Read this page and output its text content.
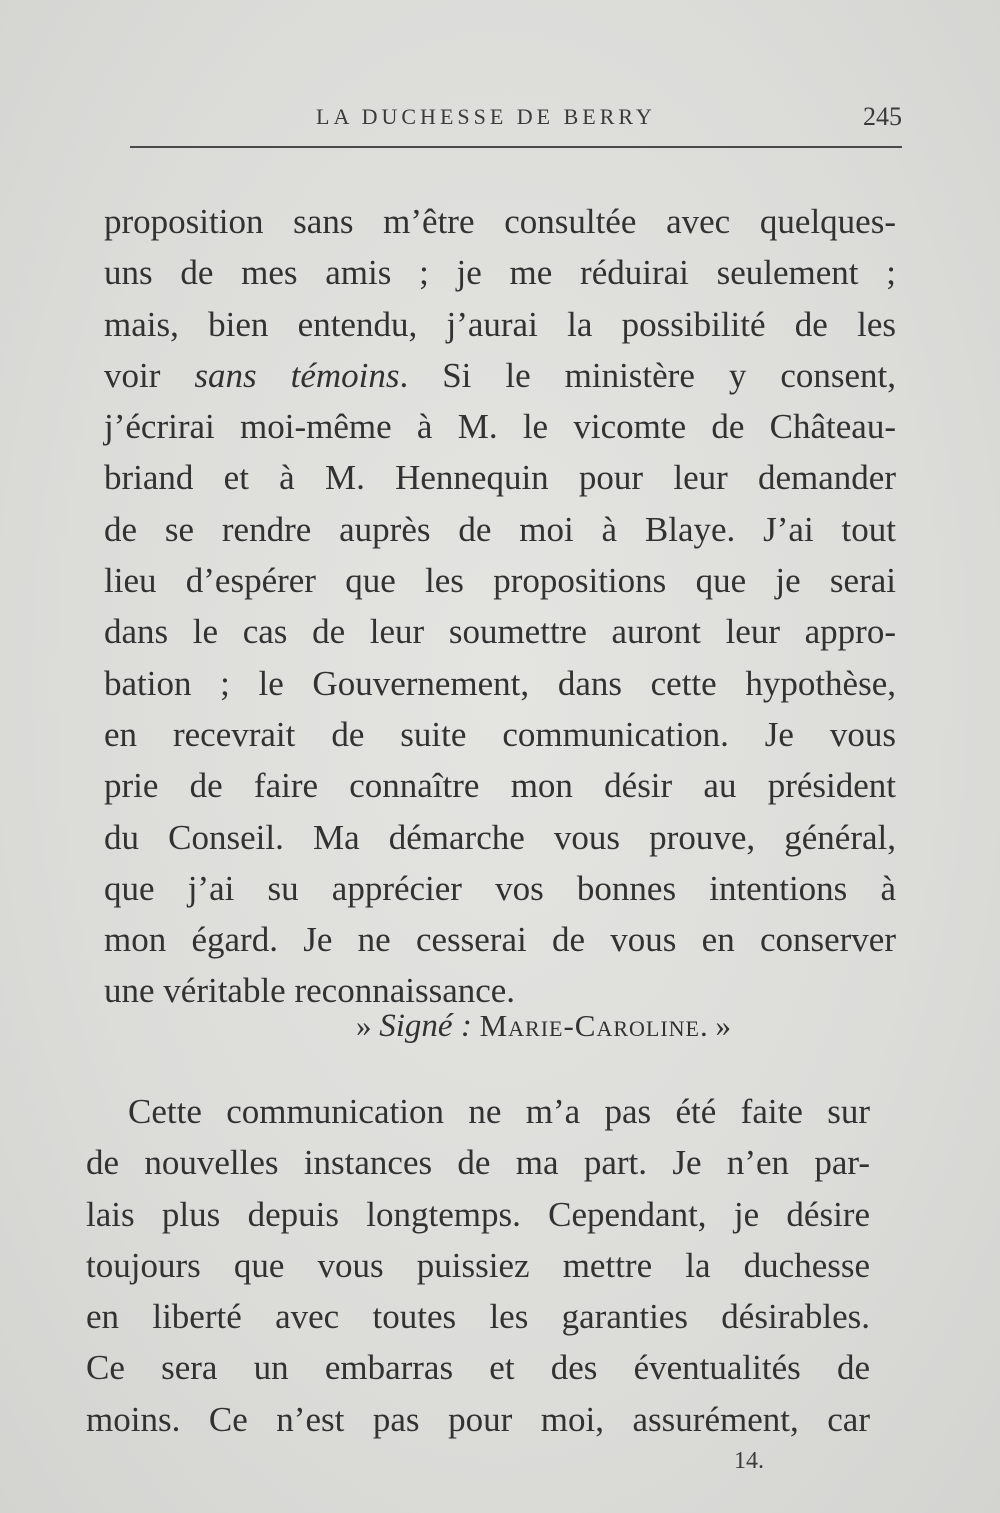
LA DUCHESSE DE BERRY	245
proposition sans m’être consultée avec quelques-
uns de mes amis ; je me réduirai seulement ;
mais, bien entendu, j’aurai la possibilité de les
voir sans témoins. Si le ministère y consent,
j’écrirai moi-même à M. le vicomte de Château-
briand et à M. Hennequin pour leur demander
de se rendre auprès de moi à Blaye. J’ai tout
lieu d’espérer que les propositions que je serai
dans le cas de leur soumettre auront leur appro-
bation ; le Gouvernement, dans cette hypothèse,
en recevrait de suite communication. Je vous
prie de faire connaître mon désir au président
du Conseil. Ma démarche vous prouve, général,
que j’ai su apprécier vos bonnes intentions à
mon égard. Je ne cesserai de vous en conserver
une véritable reconnaissance.
» Signé : Marie-Caroline. »
Cette communication ne m’a pas été faite sur
de nouvelles instances de ma part. Je n’en par-
lais plus depuis longtemps. Cependant, je désire
toujours que vous puissiez mettre la duchesse
en liberté avec toutes les garanties désirables.
Ce sera un embarras et des éventualités de
moins. Ce n’est pas pour moi, assurément, car
14.
